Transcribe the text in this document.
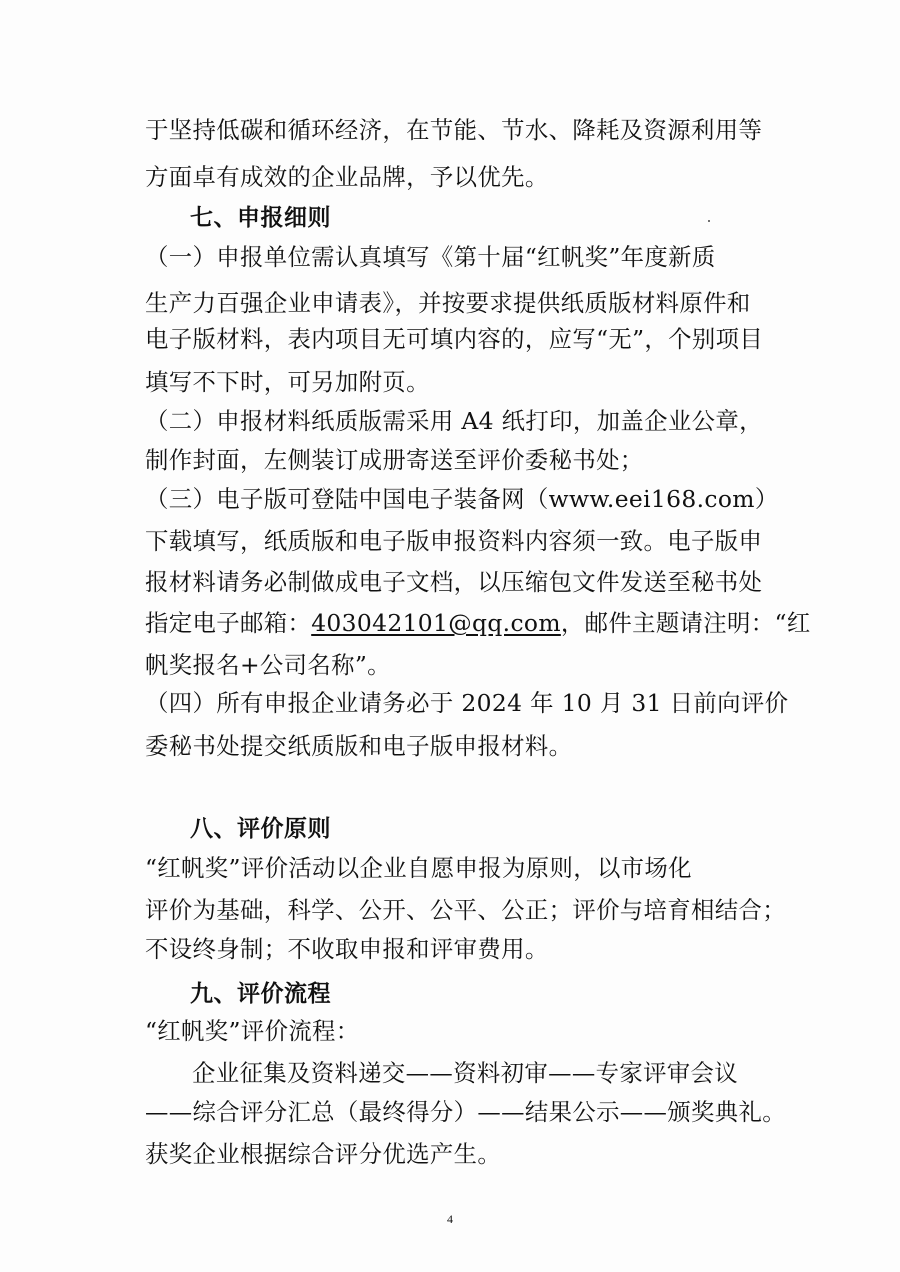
于坚持低碳和循环经济，在节能、节水、降耗及资源利用等
方面卓有成效的企业品牌，予以优先。
七、申报细则
（一）申报单位需认真填写《第十届“红帆奖”年度新质
生产力百强企业申请表》，并按要求提供纸质版材料原件和
电子版材料，表内项目无可填内容的，应写“无”，个别项目
填写不下时，可另加附页。
（二）申报材料纸质版需采用 A4 纸打印，加盖企业公章，
制作封面，左侧装订成册寄送至评价委秘书处；
（三）电子版可登陆中国电子装备网（www.eei168.com）
下载填写，纸质版和电子版申报资料内容须一致。电子版申
报材料请务必制做成电子文档，以压缩包文件发送至秘书处
指定电子邮箱：403042101@qq.com，邮件主题请注明：“红
帆奖报名+公司名称”。
（四）所有申报企业请务必于 2024 年 10 月 31 日前向评价
委秘书处提交纸质版和电子版申报材料。
八、评价原则
“红帆奖”评价活动以企业自愿申报为原则，以市场化
评价为基础，科学、公开、公平、公正；评价与培育相结合；
不设终身制；不收取申报和评审费用。
九、评价流程
“红帆奖”评价流程：
企业征集及资料递交——资料初审——专家评审会议
——综合评分汇总（最终得分）——结果公示——颁奖典礼。
获奖企业根据综合评分优选产生。
4
